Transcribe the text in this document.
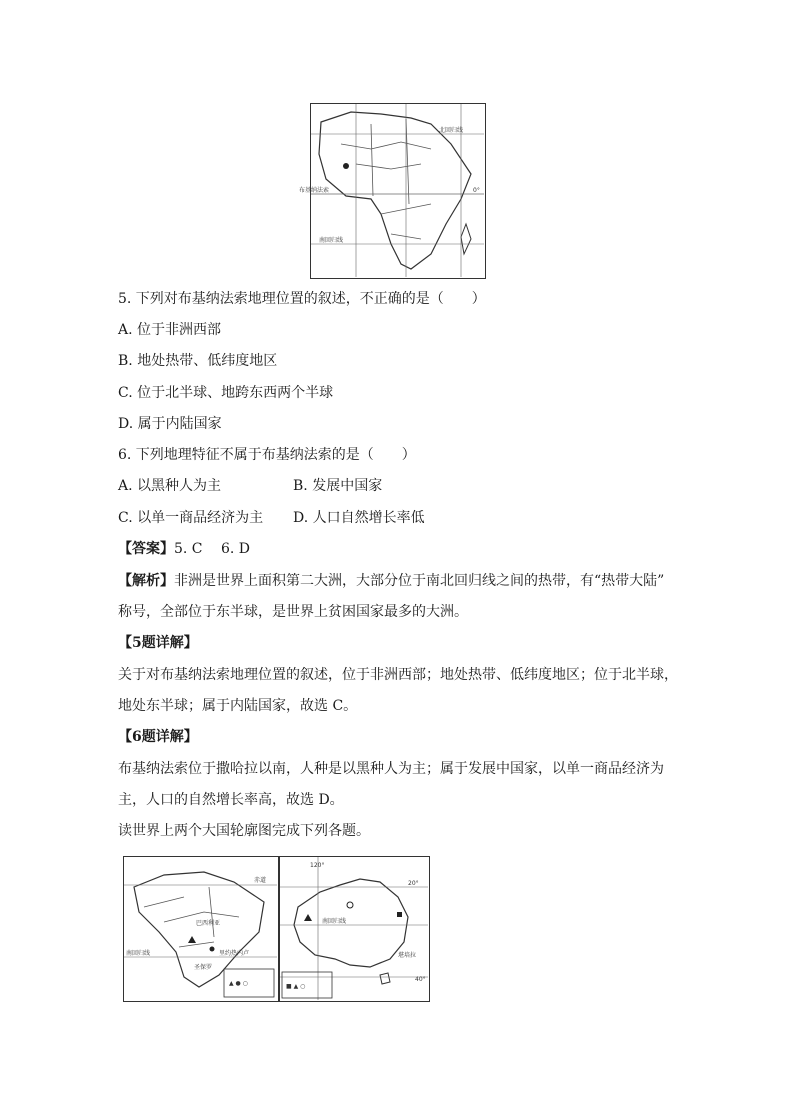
北回归线
布基纳法索	0°
南回归线
5. 下列对布基纳法索地理位置的叙述，不正确的是（　　）
A. 位于非洲西部
B. 地处热带、低纬度地区
C. 位于北半球、地跨东西两个半球
D. 属于内陆国家
6. 下列地理特征不属于布基纳法索的是（　　）
A. 以黑种人为主	B. 发展中国家
C. 以单一商品经济为主 D. 人口自然增长率低
【答案】5. C　 6. D
【解析】非洲是世界上面积第二大洲，大部分位于南北回归线之间的热带，有“热带大陆”
称号，全部位于东半球，是世界上贫困国家最多的大洲。
【5题详解】
关于对布基纳法索地理位置的叙述，位于非洲西部；地处热带、低纬度地区；位于北半球，
地处东半球；属于内陆国家，故选 C。
【6题详解】
布基纳法索位于撒哈拉以南，人种是以黑种人为主；属于发展中国家，以单一商品经济为
主，人口的自然增长率高，故选 D。
读世界上两个大国轮廓图完成下列各题。
赤道
巴西利亚
南回归线	里约热内卢
圣保罗
▲ ● ○
120°
20°
南回归线
堪培拉
40°
■ ▲ ○
